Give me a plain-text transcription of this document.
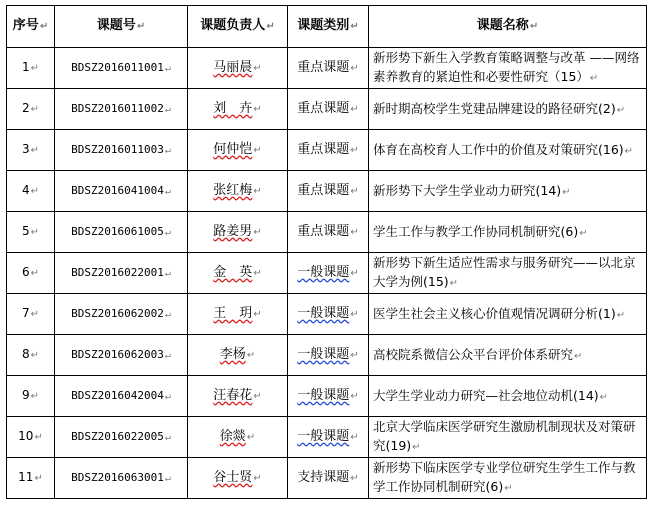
序号↵	课题号↵	课题负责人↵	课题类别↵	课题名称↵
1↵	BDSZ2016011001↵	马丽晨↵	重点课题↵	新形势下新生入学教育策略调整与改革 ——网络素养教育的紧迫性和必要性研究（15）↵
2↵	BDSZ2016011002↵	刘　卉↵	重点课题↵	新时期高校学生党建品牌建设的路径研究(2)↵
3↵	BDSZ2016011003↵	何仲恺↵	重点课题↵	体育在高校育人工作中的价值及对策研究(16)↵
4↵	BDSZ2016041004↵	张红梅↵	重点课题↵	新形势下大学生学业动力研究(14)↵
5↵	BDSZ2016061005↵	路姜男↵	重点课题↵	学生工作与教学工作协同机制研究(6)↵
6↵	BDSZ2016022001↵	金　英↵	一般课题↵	新形势下新生适应性需求与服务研究——以北京大学为例(15)↵
7↵	BDSZ2016062002↵	王　玥↵	一般课题↵	医学生社会主义核心价值观情况调研分析(1)↵
8↵	BDSZ2016062003↵	李杨↵	一般课题↵	高校院系微信公众平台评价体系研究↵
9↵	BDSZ2016042004↵	汪春花↵	一般课题↵	大学生学业动力研究—社会地位动机(14)↵
10↵	BDSZ2016022005↵	徐燚↵	一般课题↵	北京大学临床医学研究生激励机制现状及对策研究(19)↵
11↵	BDSZ2016063001↵	谷士贤↵	支持课题↵	新形势下临床医学专业学位研究生学生工作与教学工作协同机制研究(6)↵
